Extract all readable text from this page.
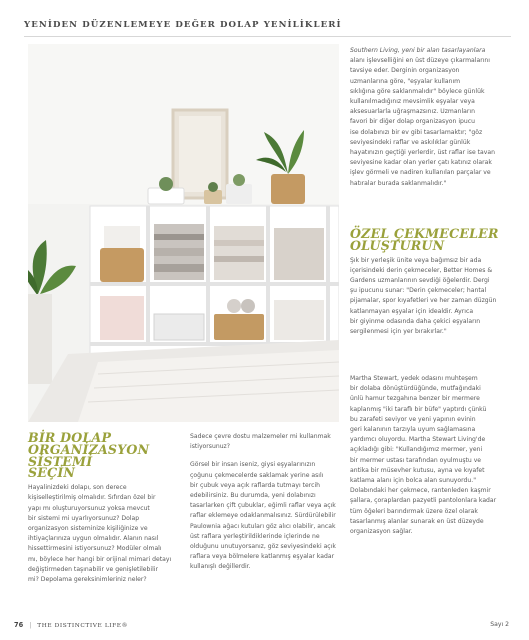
YENİDEN DÜZENLEMEYE DEĞER DOLAP YENİLİKLERİ

Southern Living, yeni bir alan tasarlayanlara

alanı işlevselliğini en üst düzeye çıkarmalarını

tavsiye eder. Derginin organizasyon

uzmanlarına göre, "eşyalar kullanım

sıklığına göre saklanmalıdır" böylece günlük

kullanılmadığınız mevsimlik eşyalar veya

aksesuarlarla uğraşmazsınız. Uzmanların

favori bir diğer dolap organizasyon ipucu

ise dolabınızı bir ev gibi tasarlamaktır; "göz

seviyesindeki raflar ve askılıklar günlük

hayatınızın geçtiği yerlerdir, üst raflar ise tavan

seviyesine kadar olan yerler çatı katınız olarak

işlev görmeli ve nadiren kullanılan parçalar ve

hatıralar burada saklanmalıdır."

ÖZEL ÇEKMECELER
OLUŞTURUN

Şık bir yerleşik ünite veya bağımsız bir ada

içerisindeki derin çekmeceler, Better Homes &

Gardens uzmanlarının sevdiği öğelerdir. Dergi

şu ipucunu sunar: "Derin çekmeceler; hantal

pijamalar, spor kıyafetleri ve her zaman düzgün

katlanmayan eşyalar için idealdir. Ayrıca

bir giyinme odasında daha çekici eşyaların

sergilenmesi için yer bırakırlar."

BİR DOLAP
ORGANİZASYON SİSTEMİ
SEÇİN

Hayalinizdeki dolapı, son derece

kişiselleştirilmiş olmalıdır. Sıfırdan özel bir

yapı mı oluşturuyorsunuz yoksa mevcut

bir sistemi mi uyarlıyorsunuz? Dolap

organizasyon sisteminize kişiliğinize ve

ihtiyaçlarınıza uygun olmalıdır. Alanın nasıl

hissettirmesini istiyorsunuz? Modüler olmalı

mı, böylece her hangi bir orijinal mimari detayı

değiştirmeden taşınabilir ve genişletilebilir

mi? Depolama gereksinimleriniz neler?

Sadece çevre dostu malzemeler mi kullanmak

istiyorsunuz?

Görsel bir insan iseniz, giysi eşyalarınızın

çoğunu çekmecelerde saklamak yerine asılı

bir çubuk veya açık raflarda tutmayı tercih

edebilirsiniz. Bu durumda, yeni dolabınızı

tasarlarken çift çubuklar, eğimli raflar veya açık

raflar eklemeye odaklanmalısınız. Sürdürülebilir

Paulownia ağacı kutuları göz alıcı olabilir, ancak

üst raflara yerleştirildiklerinde içlerinde ne

olduğunu unutuyorsanız, göz seviyesindeki açık

raflara veya bölmelere katlanmış eşyalar kadar

kullanışlı değillerdir.

Martha Stewart, yedek odasını muhteşem

bir dolaba dönüştürdüğünde, mutfağındaki

ünlü hamur tezgahına benzer bir mermere

kaplanmış "iki taraflı bir büfe" yaptırdı çünkü

bu zarafeti seviyor ve yeni yapının evinin

geri kalanının tarzıyla uyum sağlamasına

yardımcı oluyordu. Martha Stewart Living'de

açıkladığı gibi: "Kullandığımız mermer, yeni

bir mermer ustası tarafından oyulmuştu ve

antika bir müsevher kutusu, ayna ve kıyafet

katlama alanı için bolca alan sunuyordu."

Dolabındaki her çekmece, rantenleden kaşmir

şallara, çoraplardan pazyetli pantolonlara kadar

tüm öğeleri barındırmak üzere özel olarak

tasarlanmış alanlar sunarak en üst düzeyde

organizasyon sağlar.

76 | THE DISTINCTIVE LIFE®	Sayı 2
